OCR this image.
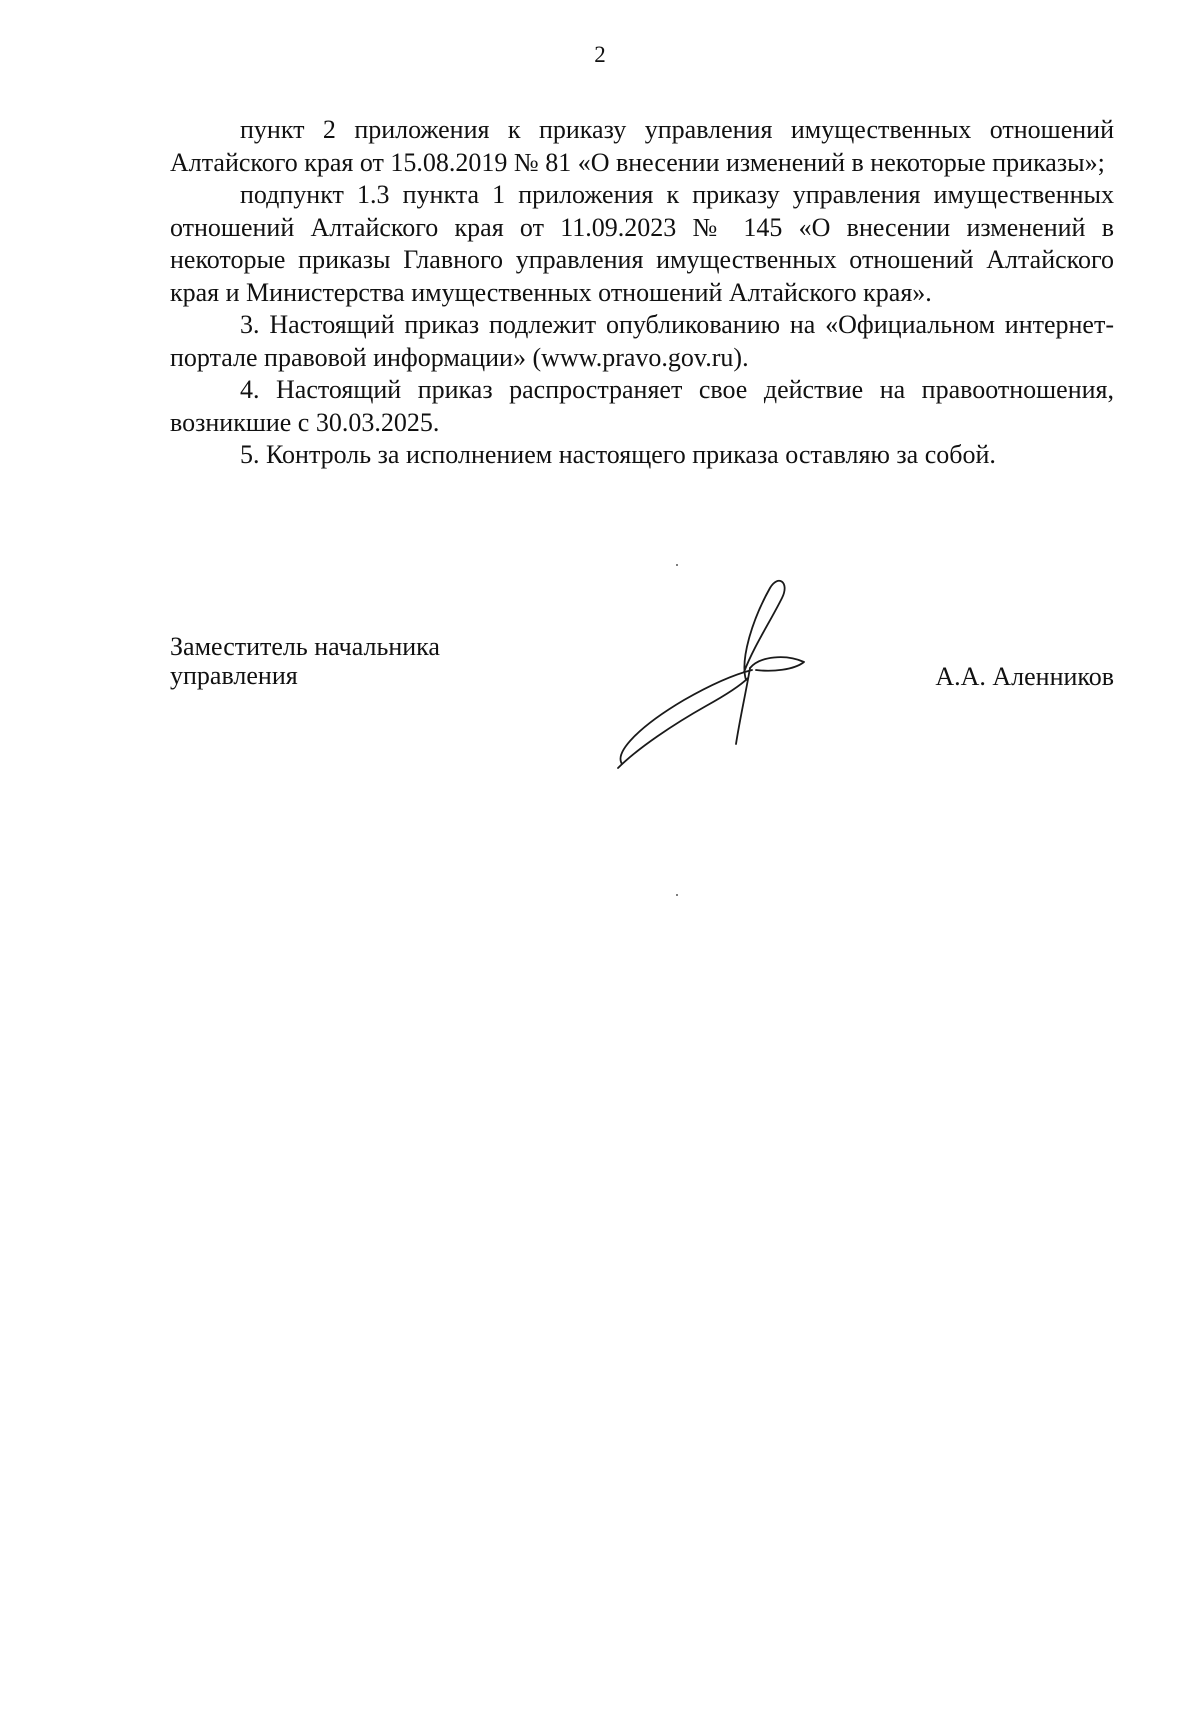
2

пункт 2 приложения к приказу управления имущественных отношений Алтайского края от 15.08.2019 № 81 «О внесении изменений в некоторые приказы»;

подпункт 1.3 пункта 1 приложения к приказу управления имущественных отношений Алтайского края от 11.09.2023 № 145 «О внесении изменений в некоторые приказы Главного управления имущественных отношений Алтайского края и Министерства имущественных отношений Алтайского края».

3. Настоящий приказ подлежит опубликованию на «Официальном интернет-портале правовой информации» (www.pravo.gov.ru).

4. Настоящий приказ распространяет свое действие на правоотношения, возникшие с 30.03.2025.

5. Контроль за исполнением настоящего приказа оставляю за собой.

Заместитель начальника
управления	А.А. Аленников
